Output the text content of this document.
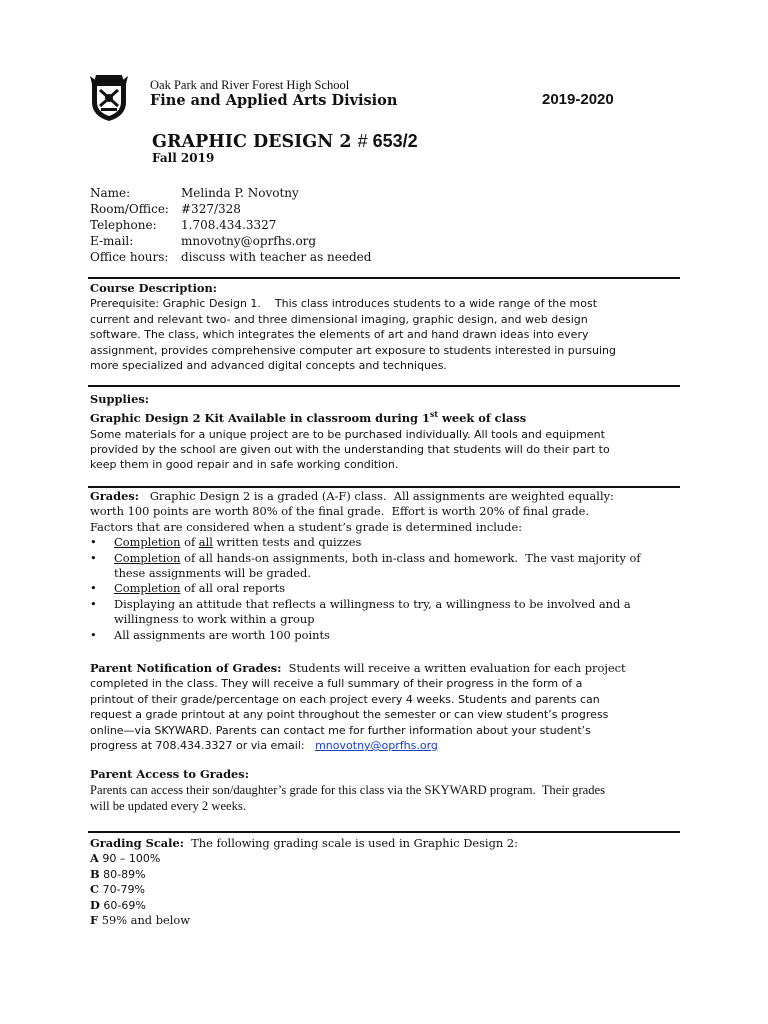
Oak Park and River Forest High School
Fine and Applied Arts Division	2019-2020
GRAPHIC DESIGN 2 # 653/2
Fall 2019
Name:	Melinda P. Novotny
Room/Office:	#327/328
Telephone:	1.708.434.3327
E-mail:	mnovotny@oprfhs.org
Office hours:	discuss with teacher as needed
Course Description:
Prerequisite: Graphic Design 1.    This class introduces students to a wide range of the most
current and relevant two- and three dimensional imaging, graphic design, and web design
software. The class, which integrates the elements of art and hand drawn ideas into every
assignment, provides comprehensive computer art exposure to students interested in pursuing
more specialized and advanced digital concepts and techniques.
Supplies:
Graphic Design 2 Kit Available in classroom during 1st week of class
Some materials for a unique project are to be purchased individually. All tools and equipment
provided by the school are given out with the understanding that students will do their part to
keep them in good repair and in safe working condition.
Grades:   Graphic Design 2 is a graded (A-F) class.  All assignments are weighted equally:
worth 100 points are worth 80% of the final grade.  Effort is worth 20% of final grade.
Factors that are considered when a student’s grade is determined include:
•	Completion of all written tests and quizzes
•	Completion of all hands-on assignments, both in-class and homework.  The vast majority of
these assignments will be graded.
•	Completion of all oral reports
•	Displaying an attitude that reflects a willingness to try, a willingness to be involved and a
willingness to work within a group
•	All assignments are worth 100 points
Parent Notification of Grades:  Students will receive a written evaluation for each project
completed in the class. They will receive a full summary of their progress in the form of a
printout of their grade/percentage on each project every 4 weeks. Students and parents can
request a grade printout at any point throughout the semester or can view student’s progress
online—via SKYWARD. Parents can contact me for further information about your student’s
progress at 708.434.3327 or via email:   mnovotny@oprfhs.org
Parent Access to Grades:
Parents can access their son/daughter’s grade for this class via the SKYWARD program.  Their grades
will be updated every 2 weeks.
Grading Scale:  The following grading scale is used in Graphic Design 2:
A 90 – 100%
B 80-89%
C 70-79%
D 60-69%
F 59% and below
